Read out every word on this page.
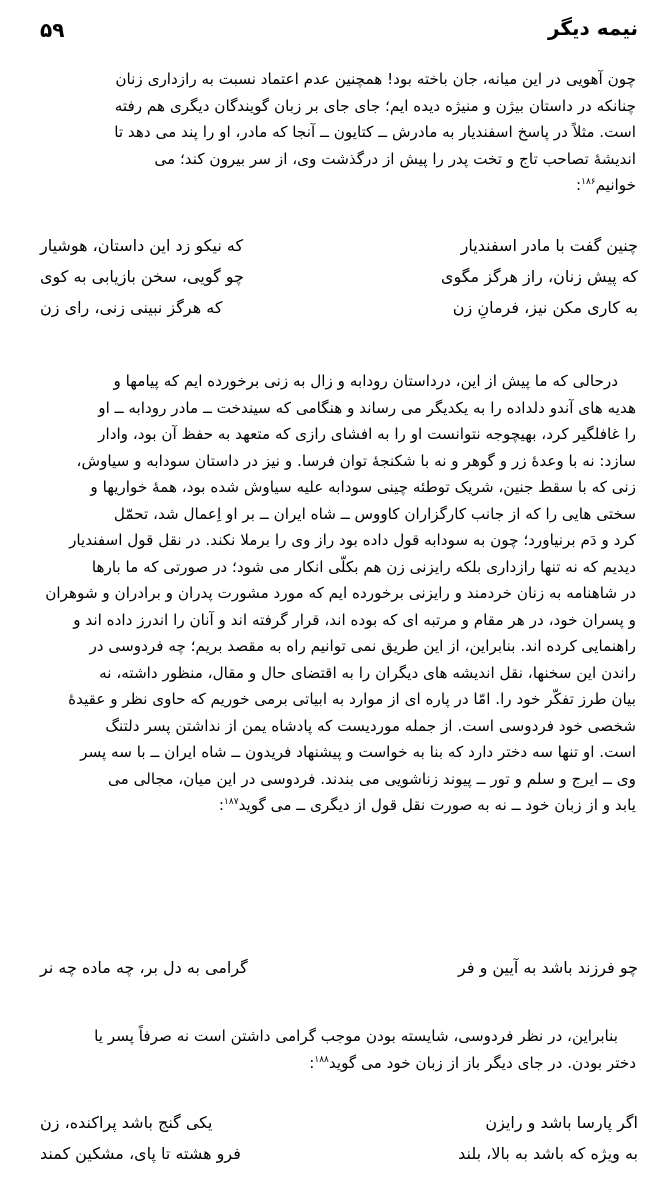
نیمه دیگر
۵۹
چون آهویی در این میانه، جان باخته بود! همچنین عدم اعتماد نسبت به رازداری زنان
چنانکه در داستان بیژن و منیژه دیده ایم؛ جای جای بر زبان گویندگان دیگری هم رفته
است. مثلاً در پاسخ اسفندیار به مادرش ــ کتایون ــ آنجا که مادر، او را پند می دهد تا
اندیشهٔ تصاحب تاج و تخت پدر را پیش از درگذشت وی، از سر بیرون کند؛ می
خوانیم$^{۱۸۶}$:
چنین گفت با مادر اسفندیار
که نیکو زد این داستان، هوشیار
که پیش زنان، راز هرگز مگوی
چو گویی، سخن بازیابی به کوی
به کاری مکن نیز، فرمانِ زن
که هرگز نبینی زنی، رای زن
درحالی که ما پیش از این، درداستان رودابه و زال به زنی برخورده ایم که پیامها و
هدیه های آندو دلداده را به یکدیگر می رساند و هنگامی که سیندخت ــ مادر رودابه ــ او
را غافلگیر کرد، بهیچوجه نتوانست او را به افشای رازی که متعهد به حفظ آن بود، وادار
سازد: نه با وعدهٔ زر و گوهر و نه با شکنجهٔ توان فرسا. و نیز در داستان سودابه و سیاوش،
زنی که با سقط جنین، شریک توطئه چینی سودابه علیه سیاوش شده بود، همهٔ خواریها و
سختی هایی را که از جانب کارگزاران کاووس ــ شاه ایران ــ بر او اِعمال شد، تحمّل
کرد و دَم برنیاورد؛ چون به سودابه قول داده بود راز وی را برملا نکند. در نقل قول اسفندیار
دیدیم که نه تنها رازداری بلکه رایزنی زن هم بکلّی انکار می شود؛ در صورتی که ما بارها
در شاهنامه به زنان خردمند و رایزنی برخورده ایم که مورد مشورت پدران و برادران و شوهران
و پسران خود، در هر مقام و مرتبه ای که بوده اند، قرار گرفته اند و آنان را اندرز داده اند و
راهنمایی کرده اند. بنابراین، از این طریق نمی توانیم راه به مقصد بریم؛ چه فردوسی در
راندن این سخنها، نقل اندیشه های دیگران را به اقتضای حال و مقال، منظور داشته، نه
بیان طرز تفکّر خود را. امّا در پاره ای از موارد به ابیاتی برمی خوریم که حاوی نظر و عقیدهٔ
شخصی خود فردوسی است. از جمله موردیست که پادشاه یمن از نداشتن پسر دلتنگ
است. او تنها سه دختر دارد که بنا به خواست و پیشنهاد فریدون ــ شاه ایران ــ با سه پسر
وی ــ ایرج و سلم و تور ــ پیوند زناشویی می بندند. فردوسی در این میان، مجالی می
یابد و از زبان خود ــ نه به صورت نقل قول از دیگری ــ می گوید$^{۱۸۷}$:
چو فرزند باشد به آیین و فر
گرامی به دل بر، چه ماده چه نر
بنابراین، در نظر فردوسی، شایسته بودن موجب گرامی داشتن است نه صرفاً پسر یا
دختر بودن. در جای دیگر باز از زبان خود می گوید$^{۱۸۸}$:
اگر پارسا باشد و رایزن
یکی گنج باشد پراکنده، زن
به ویژه که باشد به بالا، بلند
فرو هشته تا پای، مشکین کمند
